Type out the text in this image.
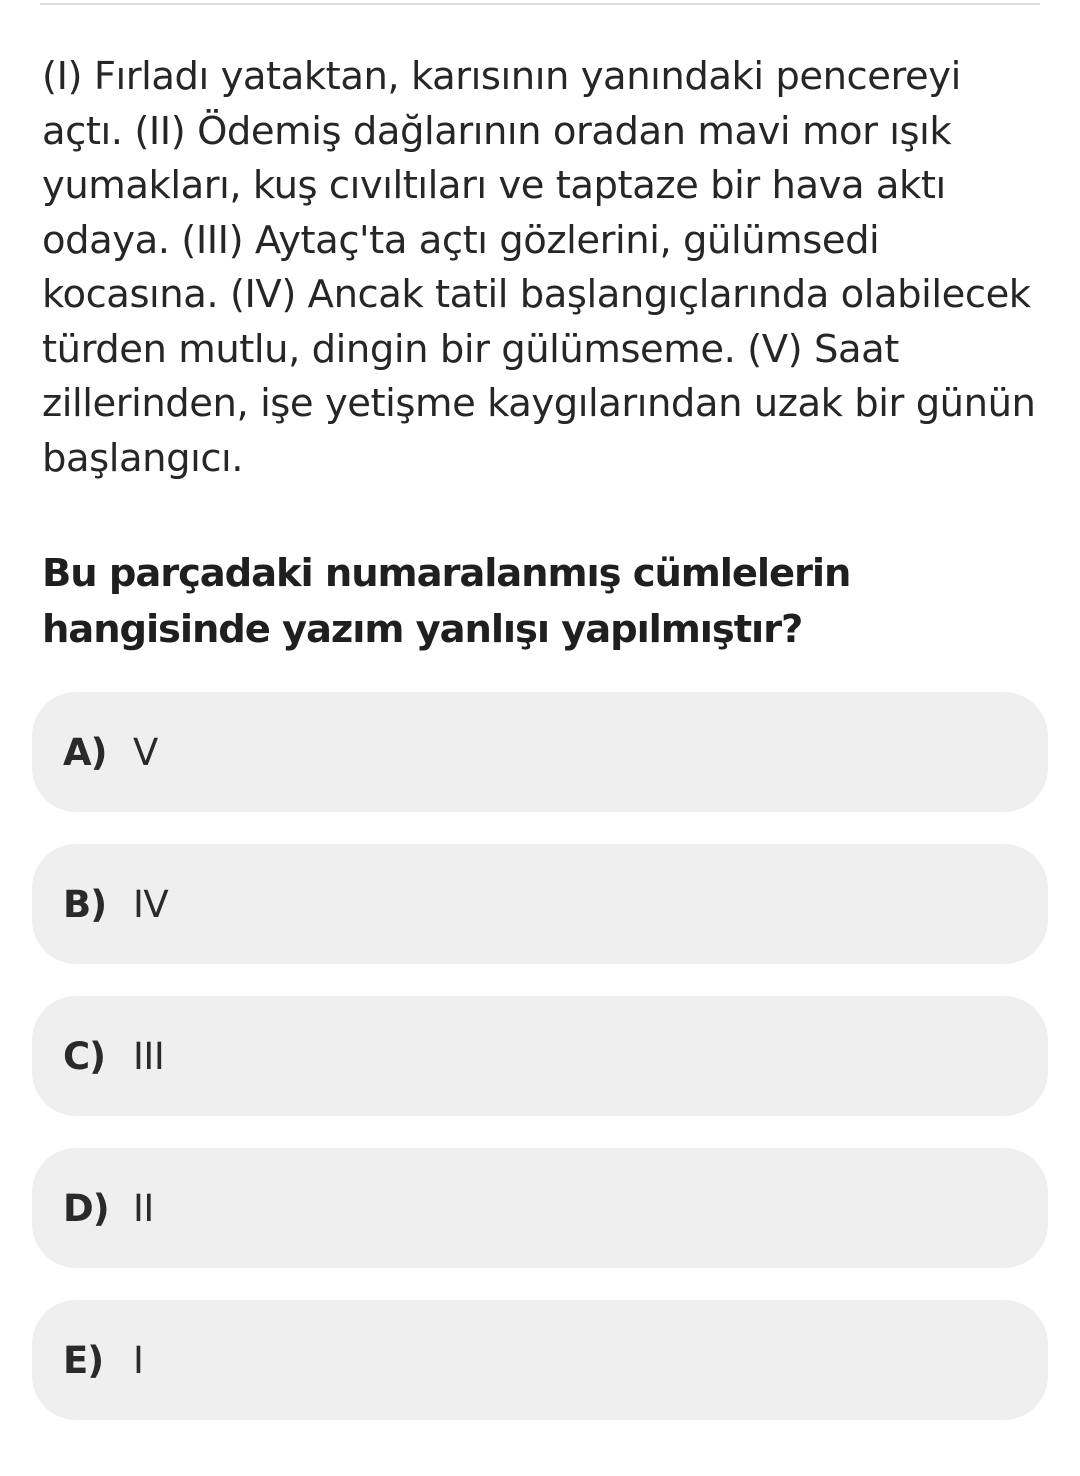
(I) Fırladı yataktan, karısının yanındaki pencereyi açtı. (II) Ödemiş dağlarının oradan mavi mor ışık yumakları, kuş cıvıltıları ve taptaze bir hava aktı odaya. (III) Aytaç'ta açtı gözlerini, gülümsedi kocasına. (IV) Ancak tatil başlangıçlarında olabilecek türden mutlu, dingin bir gülümseme. (V) Saat zillerinden, işe yetişme kaygılarından uzak bir günün başlangıcı.

Bu parçadaki numaralanmış cümlelerin hangisinde yazım yanlışı yapılmıştır?

A) V
B) IV
C) III
D) II
E) I
